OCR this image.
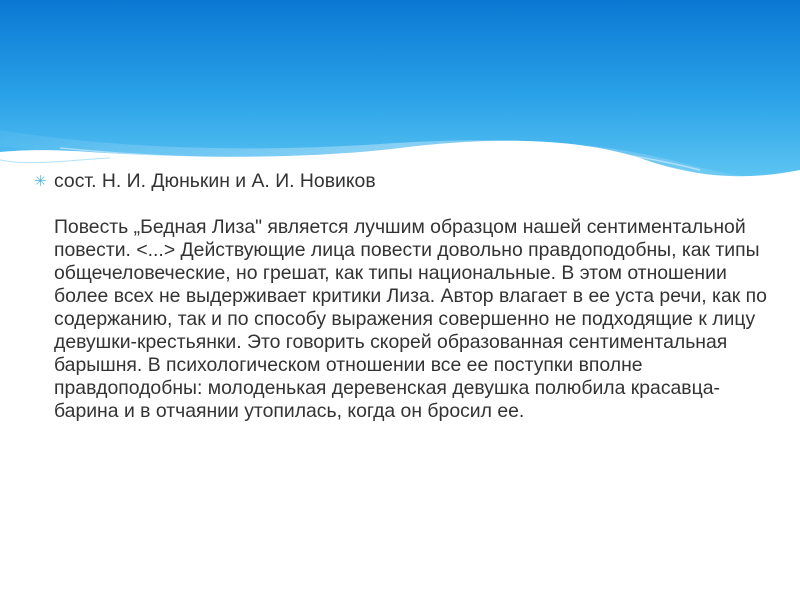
✳ сост. Н. И. Дюнькин и А. И. Новиков
Повесть „Бедная Лиза" является лучшим образцом нашей сентиментальной повести. <...> Действующие лица повести довольно правдоподобны, как типы общечеловеческие, но грешат, как типы национальные. В этом отношении более всех не выдерживает критики Лиза. Автор влагает в ее уста речи, как по содержанию, так и по способу выражения совершенно не подходящие к лицу девушки-крестьянки. Это говорить скорей образованная сентиментальная барышня. В психологическом отношении все ее поступки вполне правдоподобны: молоденькая деревенская девушка полюбила красавца-барина и в отчаянии утопилась, когда он бросил ее.
